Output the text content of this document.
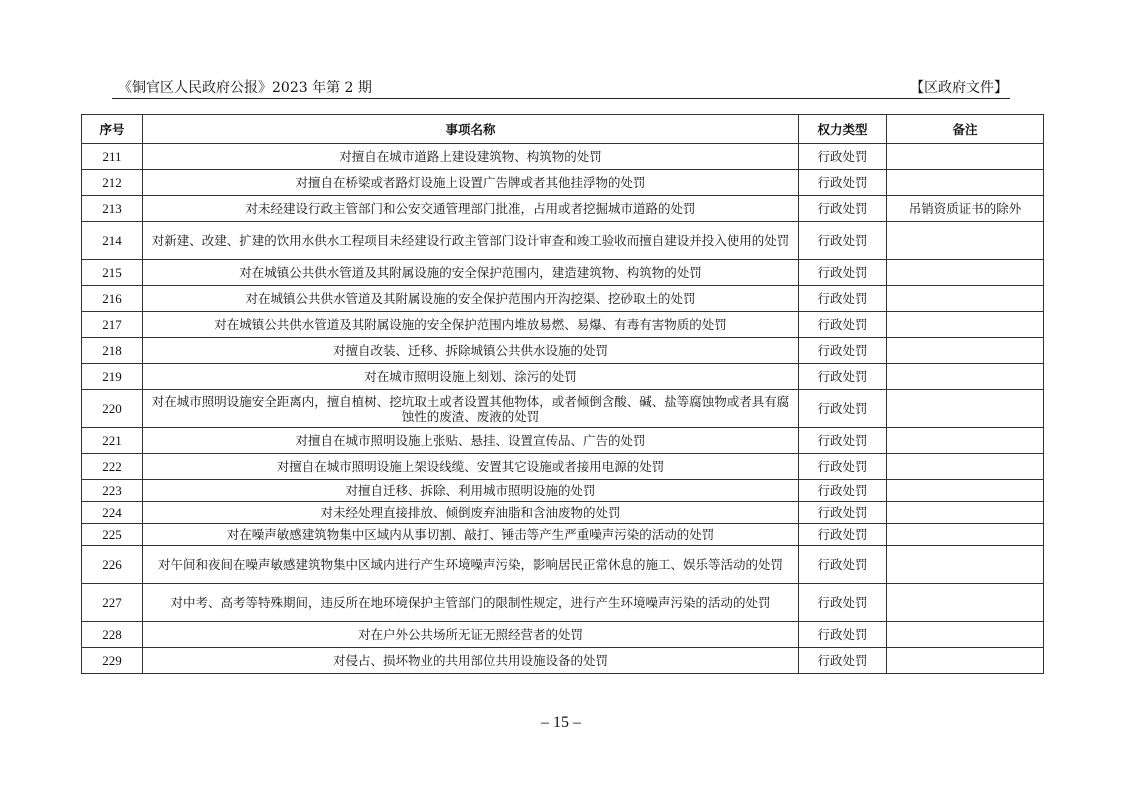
《铜官区人民政府公报》2023 年第 2 期	【区政府文件】
序号	事项名称	权力类型	备注
211	对擅自在城市道路上建设建筑物、构筑物的处罚	行政处罚	
212	对擅自在桥梁或者路灯设施上设置广告牌或者其他挂浮物的处罚	行政处罚	
213	对未经建设行政主管部门和公安交通管理部门批准，占用或者挖掘城市道路的处罚	行政处罚	吊销资质证书的除外
214	对新建、改建、扩建的饮用水供水工程项目未经建设行政主管部门设计审查和竣工验收而擅自建设并投入使用的处罚	行政处罚	
215	对在城镇公共供水管道及其附属设施的安全保护范围内，建造建筑物、构筑物的处罚	行政处罚	
216	对在城镇公共供水管道及其附属设施的安全保护范围内开沟挖渠、挖砂取土的处罚	行政处罚	
217	对在城镇公共供水管道及其附属设施的安全保护范围内堆放易燃、易爆、有毒有害物质的处罚	行政处罚	
218	对擅自改装、迁移、拆除城镇公共供水设施的处罚	行政处罚	
219	对在城市照明设施上刻划、涂污的处罚	行政处罚	
220	对在城市照明设施安全距离内，擅自植树、挖坑取土或者设置其他物体，或者倾倒含酸、碱、盐等腐蚀物或者具有腐蚀性的废渣、废液的处罚	行政处罚	
221	对擅自在城市照明设施上张贴、悬挂、设置宣传品、广告的处罚	行政处罚	
222	对擅自在城市照明设施上架设线缆、安置其它设施或者接用电源的处罚	行政处罚	
223	对擅自迁移、拆除、利用城市照明设施的处罚	行政处罚	
224	对未经处理直接排放、倾倒废弃油脂和含油废物的处罚	行政处罚	
225	对在噪声敏感建筑物集中区域内从事切割、敲打、锤击等产生严重噪声污染的活动的处罚	行政处罚	
226	对午间和夜间在噪声敏感建筑物集中区域内进行产生环境噪声污染，影响居民正常休息的施工、娱乐等活动的处罚	行政处罚	
227	对中考、高考等特殊期间，违反所在地环境保护主管部门的限制性规定，进行产生环境噪声污染的活动的处罚	行政处罚	
228	对在户外公共场所无证无照经营者的处罚	行政处罚	
229	对侵占、损坏物业的共用部位共用设施设备的处罚	行政处罚	
– 15 –
